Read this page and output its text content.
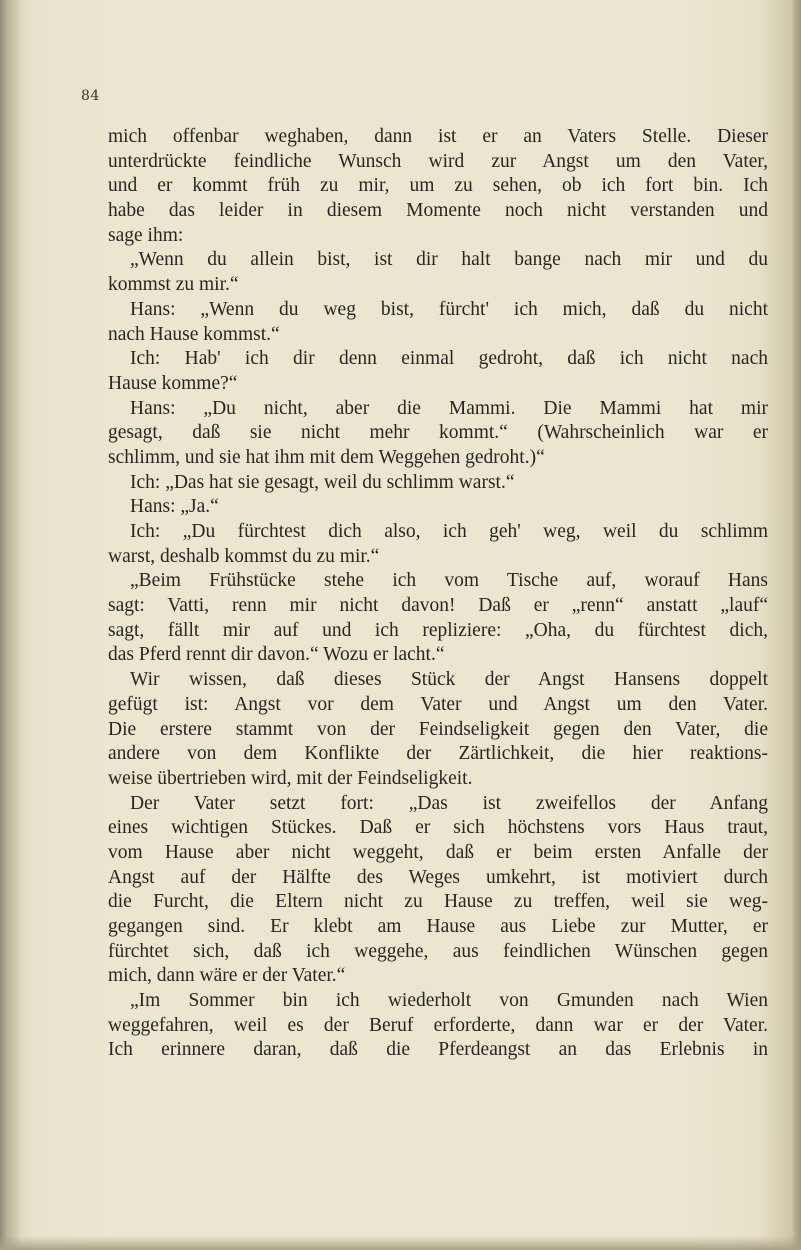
84
mich offenbar weghaben, dann ist er an Vaters Stelle. Dieser
unterdrückte feindliche Wunsch wird zur Angst um den Vater,
und er kommt früh zu mir, um zu sehen, ob ich fort bin. Ich
habe das leider in diesem Momente noch nicht verstanden und
sage ihm:
„Wenn du allein bist, ist dir halt bange nach mir und du
kommst zu mir.“
Hans: „Wenn du weg bist, fürcht' ich mich, daß du nicht
nach Hause kommst.“
Ich: Hab' ich dir denn einmal gedroht, daß ich nicht nach
Hause komme?“
Hans: „Du nicht, aber die Mammi. Die Mammi hat mir
gesagt, daß sie nicht mehr kommt.“ (Wahrscheinlich war er
schlimm, und sie hat ihm mit dem Weggehen gedroht.)“
Ich: „Das hat sie gesagt, weil du schlimm warst.“
Hans: „Ja.“
Ich: „Du fürchtest dich also, ich geh' weg, weil du schlimm
warst, deshalb kommst du zu mir.“
„Beim Frühstücke stehe ich vom Tische auf, worauf Hans
sagt: Vatti, renn mir nicht davon! Daß er „renn“ anstatt „lauf“
sagt, fällt mir auf und ich repliziere: „Oha, du fürchtest dich,
das Pferd rennt dir davon.“ Wozu er lacht.“
Wir wissen, daß dieses Stück der Angst Hansens doppelt
gefügt ist: Angst vor dem Vater und Angst um den Vater.
Die erstere stammt von der Feindseligkeit gegen den Vater, die
andere von dem Konflikte der Zärtlichkeit, die hier reaktions-
weise übertrieben wird, mit der Feindseligkeit.
Der Vater setzt fort: „Das ist zweifellos der Anfang
eines wichtigen Stückes. Daß er sich höchstens vors Haus traut,
vom Hause aber nicht weggeht, daß er beim ersten Anfalle der
Angst auf der Hälfte des Weges umkehrt, ist motiviert durch
die Furcht, die Eltern nicht zu Hause zu treffen, weil sie weg-
gegangen sind. Er klebt am Hause aus Liebe zur Mutter, er
fürchtet sich, daß ich weggehe, aus feindlichen Wünschen gegen
mich, dann wäre er der Vater.“
„Im Sommer bin ich wiederholt von Gmunden nach Wien
weggefahren, weil es der Beruf erforderte, dann war er der Vater.
Ich erinnere daran, daß die Pferdeangst an das Erlebnis in
